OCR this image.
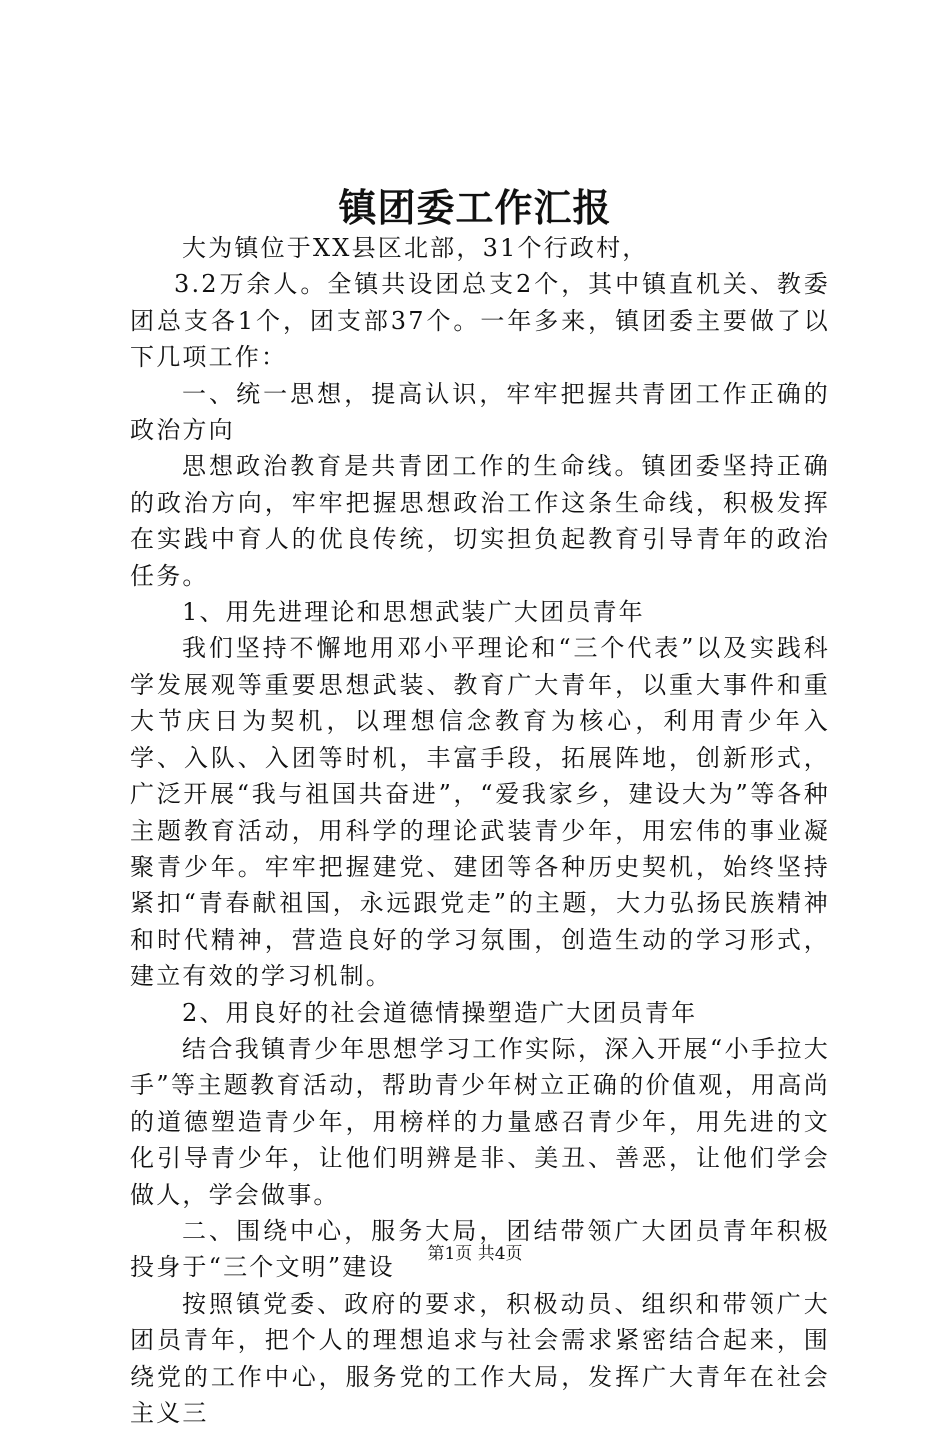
镇团委工作汇报

大为镇位于XX县区北部，31个行政村，

3.2万余人。全镇共设团总支2个，其中镇直机关、教委团总支各1个，团支部37个。一年多来，镇团委主要做了以下几项工作：

一、统一思想，提高认识，牢牢把握共青团工作正确的政治方向

思想政治教育是共青团工作的生命线。镇团委坚持正确的政治方向，牢牢把握思想政治工作这条生命线，积极发挥在实践中育人的优良传统，切实担负起教育引导青年的政治任务。

1、用先进理论和思想武装广大团员青年

我们坚持不懈地用邓小平理论和“三个代表”以及实践科学发展观等重要思想武装、教育广大青年，以重大事件和重大节庆日为契机，以理想信念教育为核心，利用青少年入学、入队、入团等时机，丰富手段，拓展阵地，创新形式，广泛开展“我与祖国共奋进”，“爱我家乡，建设大为”等各种主题教育活动，用科学的理论武装青少年，用宏伟的事业凝聚青少年。牢牢把握建党、建团等各种历史契机，始终坚持紧扣“青春献祖国，永远跟党走”的主题，大力弘扬民族精神和时代精神，营造良好的学习氛围，创造生动的学习形式，建立有效的学习机制。

2、用良好的社会道德情操塑造广大团员青年

结合我镇青少年思想学习工作实际，深入开展“小手拉大手”等主题教育活动，帮助青少年树立正确的价值观，用高尚的道德塑造青少年，用榜样的力量感召青少年，用先进的文化引导青少年，让他们明辨是非、美丑、善恶，让他们学会做人，学会做事。

二、围绕中心，服务大局，团结带领广大团员青年积极投身于“三个文明”建设

按照镇党委、政府的要求，积极动员、组织和带领广大团员青年，把个人的理想追求与社会需求紧密结合起来，围绕党的工作中心，服务党的工作大局，发挥广大青年在社会主义三

第1页 共4页
